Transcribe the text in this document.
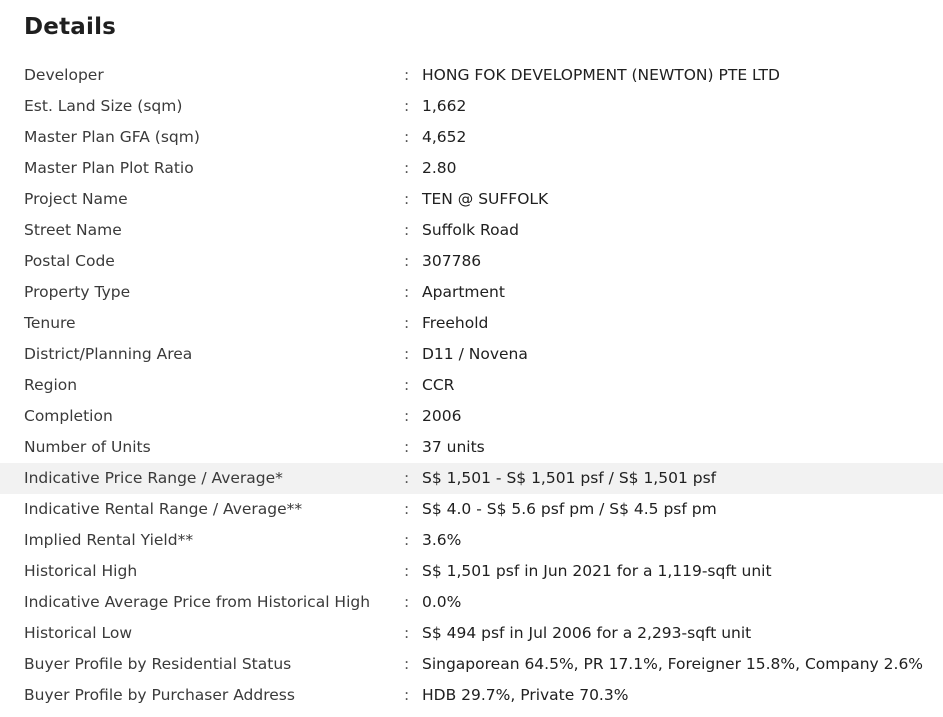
Details
Developer	: HONG FOK DEVELOPMENT (NEWTON) PTE LTD
Est. Land Size (sqm)	: 1,662
Master Plan GFA (sqm)	: 4,652
Master Plan Plot Ratio	: 2.80
Project Name	: TEN @ SUFFOLK
Street Name	: Suffolk Road
Postal Code	: 307786
Property Type	: Apartment
Tenure	: Freehold
District/Planning Area	: D11 / Novena
Region	: CCR
Completion	: 2006
Number of Units	: 37 units
Indicative Price Range / Average*	: S$ 1,501 - S$ 1,501 psf / S$ 1,501 psf
Indicative Rental Range / Average**	: S$ 4.0 - S$ 5.6 psf pm / S$ 4.5 psf pm
Implied Rental Yield**	: 3.6%
Historical High	: S$ 1,501 psf in Jun 2021 for a 1,119-sqft unit
Indicative Average Price from Historical High : 0.0%
Historical Low	: S$ 494 psf in Jul 2006 for a 2,293-sqft unit
Buyer Profile by Residential Status	: Singaporean 64.5%, PR 17.1%, Foreigner 15.8%, Company 2.6%
Buyer Profile by Purchaser Address	: HDB 29.7%, Private 70.3%
